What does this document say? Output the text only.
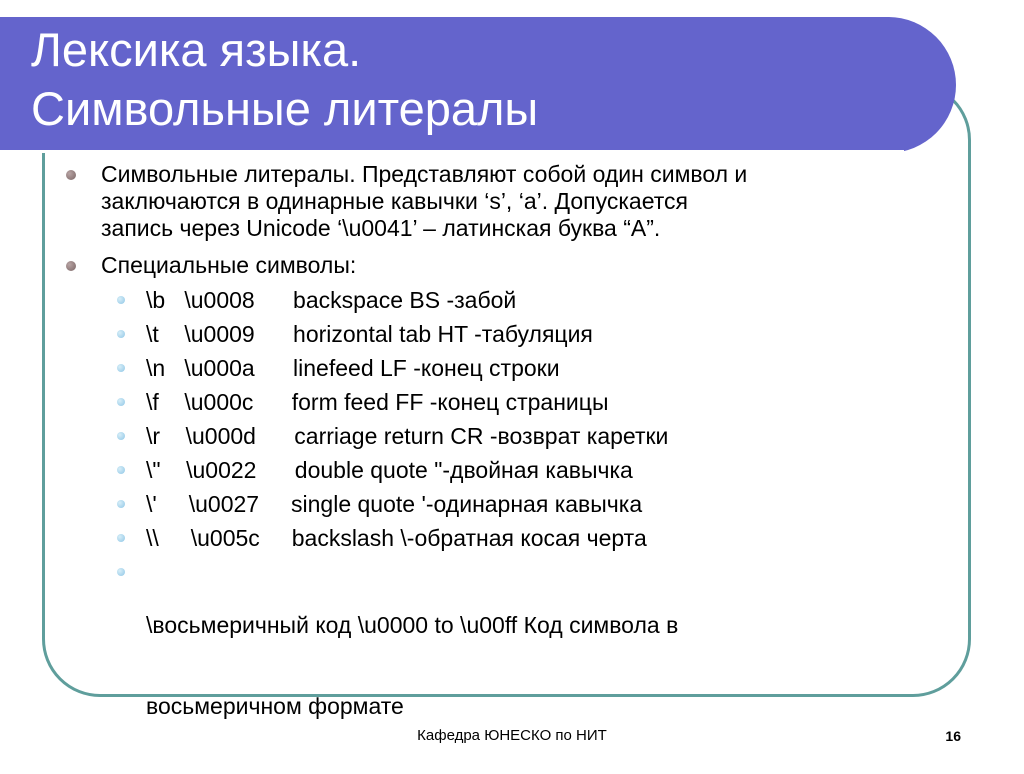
Лексика языка.
Символьные литералы
Символьные литералы. Представляют собой один символ и
заключаются в одинарные кавычки ‘s’, ‘a’. Допускается
запись через Unicode ‘\u0041’ – латинская буква “A”.
Специальные символы:
\b   \u0008      backspace BS -забой
\t    \u0009      horizontal tab HT -табуляция
\n   \u000a      linefeed LF -конец строки
\f    \u000c      form feed FF -конец страницы
\r    \u000d      carriage return CR -возврат каретки
\"    \u0022      double quote "-двойная кавычка
\'     \u0027     single quote '-одинарная кавычка
\\     \u005c     backslash \-обратная косая черта

\восьмеричный код \u0000 to \u00ff Код символа в

восьмеричном формате

Кафедра ЮНЕСКО по НИТ	16
